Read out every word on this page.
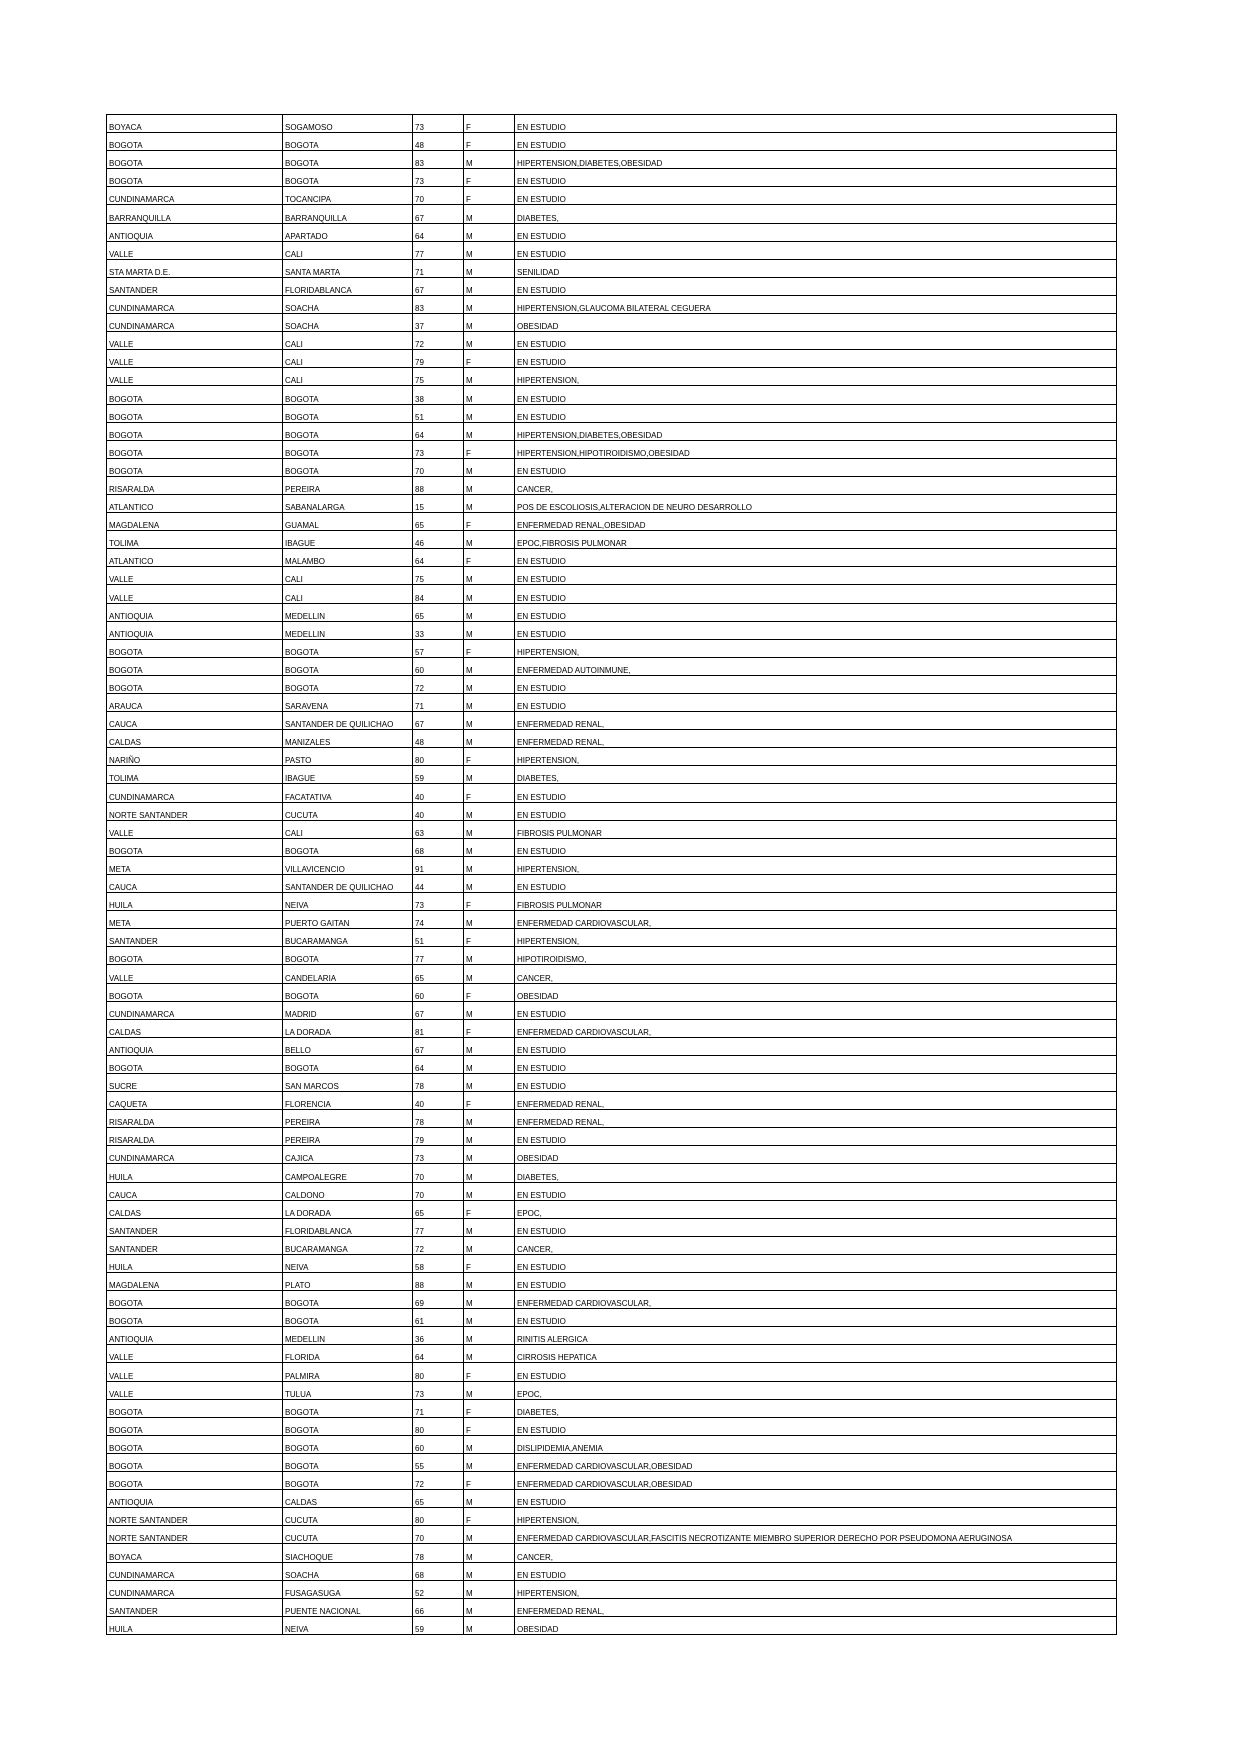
BOYACA	SOGAMOSO	73	F	EN ESTUDIO
BOGOTA	BOGOTA	48	F	EN ESTUDIO
BOGOTA	BOGOTA	83	M	HIPERTENSION,DIABETES,OBESIDAD
BOGOTA	BOGOTA	73	F	EN ESTUDIO
CUNDINAMARCA	TOCANCIPA	70	F	EN ESTUDIO
BARRANQUILLA	BARRANQUILLA	67	M	DIABETES,
ANTIOQUIA	APARTADO	64	M	EN ESTUDIO
VALLE	CALI	77	M	EN ESTUDIO
STA MARTA D.E.	SANTA MARTA	71	M	SENILIDAD
SANTANDER	FLORIDABLANCA	67	M	EN ESTUDIO
CUNDINAMARCA	SOACHA	83	M	HIPERTENSION,GLAUCOMA BILATERAL CEGUERA
CUNDINAMARCA	SOACHA	37	M	OBESIDAD
VALLE	CALI	72	M	EN ESTUDIO
VALLE	CALI	79	F	EN ESTUDIO
VALLE	CALI	75	M	HIPERTENSION,
BOGOTA	BOGOTA	38	M	EN ESTUDIO
BOGOTA	BOGOTA	51	M	EN ESTUDIO
BOGOTA	BOGOTA	64	M	HIPERTENSION,DIABETES,OBESIDAD
BOGOTA	BOGOTA	73	F	HIPERTENSION,HIPOTIROIDISMO,OBESIDAD
BOGOTA	BOGOTA	70	M	EN ESTUDIO
RISARALDA	PEREIRA	88	M	CANCER,
ATLANTICO	SABANALARGA	15	M	POS DE ESCOLIOSIS,ALTERACION DE NEURO DESARROLLO
MAGDALENA	GUAMAL	65	F	ENFERMEDAD RENAL,OBESIDAD
TOLIMA	IBAGUE	46	M	EPOC,FIBROSIS PULMONAR
ATLANTICO	MALAMBO	64	F	EN ESTUDIO
VALLE	CALI	75	M	EN ESTUDIO
VALLE	CALI	84	M	EN ESTUDIO
ANTIOQUIA	MEDELLIN	65	M	EN ESTUDIO
ANTIOQUIA	MEDELLIN	33	M	EN ESTUDIO
BOGOTA	BOGOTA	57	F	HIPERTENSION,
BOGOTA	BOGOTA	60	M	ENFERMEDAD AUTOINMUNE,
BOGOTA	BOGOTA	72	M	EN ESTUDIO
ARAUCA	SARAVENA	71	M	EN ESTUDIO
CAUCA	SANTANDER DE QUILICHAO	67	M	ENFERMEDAD RENAL,
CALDAS	MANIZALES	48	M	ENFERMEDAD RENAL,
NARIÑO	PASTO	80	F	HIPERTENSION,
TOLIMA	IBAGUE	59	M	DIABETES,
CUNDINAMARCA	FACATATIVA	40	F	EN ESTUDIO
NORTE SANTANDER	CUCUTA	40	M	EN ESTUDIO
VALLE	CALI	63	M	FIBROSIS PULMONAR
BOGOTA	BOGOTA	68	M	EN ESTUDIO
META	VILLAVICENCIO	91	M	HIPERTENSION,
CAUCA	SANTANDER DE QUILICHAO	44	M	EN ESTUDIO
HUILA	NEIVA	73	F	FIBROSIS PULMONAR
META	PUERTO GAITAN	74	M	ENFERMEDAD CARDIOVASCULAR,
SANTANDER	BUCARAMANGA	51	F	HIPERTENSION,
BOGOTA	BOGOTA	77	M	HIPOTIROIDISMO,
VALLE	CANDELARIA	65	M	CANCER,
BOGOTA	BOGOTA	60	F	OBESIDAD
CUNDINAMARCA	MADRID	67	M	EN ESTUDIO
CALDAS	LA DORADA	81	F	ENFERMEDAD CARDIOVASCULAR,
ANTIOQUIA	BELLO	67	M	EN ESTUDIO
BOGOTA	BOGOTA	64	M	EN ESTUDIO
SUCRE	SAN MARCOS	78	M	EN ESTUDIO
CAQUETA	FLORENCIA	40	F	ENFERMEDAD RENAL,
RISARALDA	PEREIRA	78	M	ENFERMEDAD RENAL,
RISARALDA	PEREIRA	79	M	EN ESTUDIO
CUNDINAMARCA	CAJICA	73	M	OBESIDAD
HUILA	CAMPOALEGRE	70	M	DIABETES,
CAUCA	CALDONO	70	M	EN ESTUDIO
CALDAS	LA DORADA	65	F	EPOC,
SANTANDER	FLORIDABLANCA	77	M	EN ESTUDIO
SANTANDER	BUCARAMANGA	72	M	CANCER,
HUILA	NEIVA	58	F	EN ESTUDIO
MAGDALENA	PLATO	88	M	EN ESTUDIO
BOGOTA	BOGOTA	69	M	ENFERMEDAD CARDIOVASCULAR,
BOGOTA	BOGOTA	61	M	EN ESTUDIO
ANTIOQUIA	MEDELLIN	36	M	RINITIS ALERGICA
VALLE	FLORIDA	64	M	CIRROSIS HEPATICA
VALLE	PALMIRA	80	F	EN ESTUDIO
VALLE	TULUA	73	M	EPOC,
BOGOTA	BOGOTA	71	F	DIABETES,
BOGOTA	BOGOTA	80	F	EN ESTUDIO
BOGOTA	BOGOTA	60	M	DISLIPIDEMIA,ANEMIA
BOGOTA	BOGOTA	55	M	ENFERMEDAD CARDIOVASCULAR,OBESIDAD
BOGOTA	BOGOTA	72	F	ENFERMEDAD CARDIOVASCULAR,OBESIDAD
ANTIOQUIA	CALDAS	65	M	EN ESTUDIO
NORTE SANTANDER	CUCUTA	80	F	HIPERTENSION,
NORTE SANTANDER	CUCUTA	70	M	ENFERMEDAD CARDIOVASCULAR,FASCITIS NECROTIZANTE MIEMBRO SUPERIOR DERECHO POR PSEUDOMONA AERUGINOSA
BOYACA	SIACHOQUE	78	M	CANCER,
CUNDINAMARCA	SOACHA	68	M	EN ESTUDIO
CUNDINAMARCA	FUSAGASUGA	52	M	HIPERTENSION,
SANTANDER	PUENTE NACIONAL	66	M	ENFERMEDAD RENAL,
HUILA	NEIVA	59	M	OBESIDAD
